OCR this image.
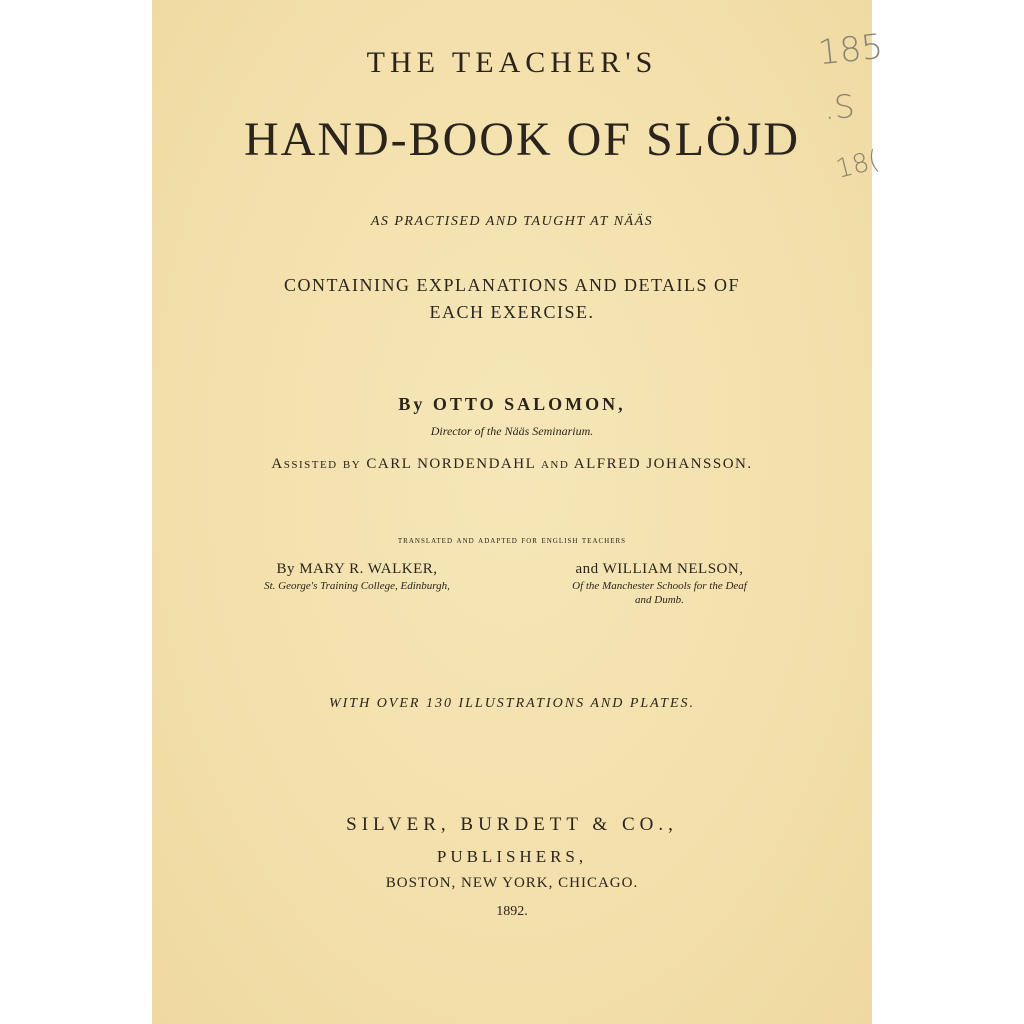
THE TEACHER'S
HAND-BOOK OF SLÖJD
AS PRACTISED AND TAUGHT AT NÄÄS
CONTAINING EXPLANATIONS AND DETAILS OF
EACH EXERCISE.
By OTTO SALOMON,
Director of the Nääs Seminarium.
Assisted by CARL NORDENDAHL and ALFRED JOHANSSON.
translated and adapted for english teachers
By MARY R. WALKER,
St. George's Training College, Edinburgh,
and WILLIAM NELSON,
Of the Manchester Schools for the Deaf
and Dumb.
WITH OVER 130 ILLUSTRATIONS AND PLATES.
SILVER, BURDETT & CO.,
PUBLISHERS,
BOSTON, NEW YORK, CHICAGO.
1892.
185
.S
18(
